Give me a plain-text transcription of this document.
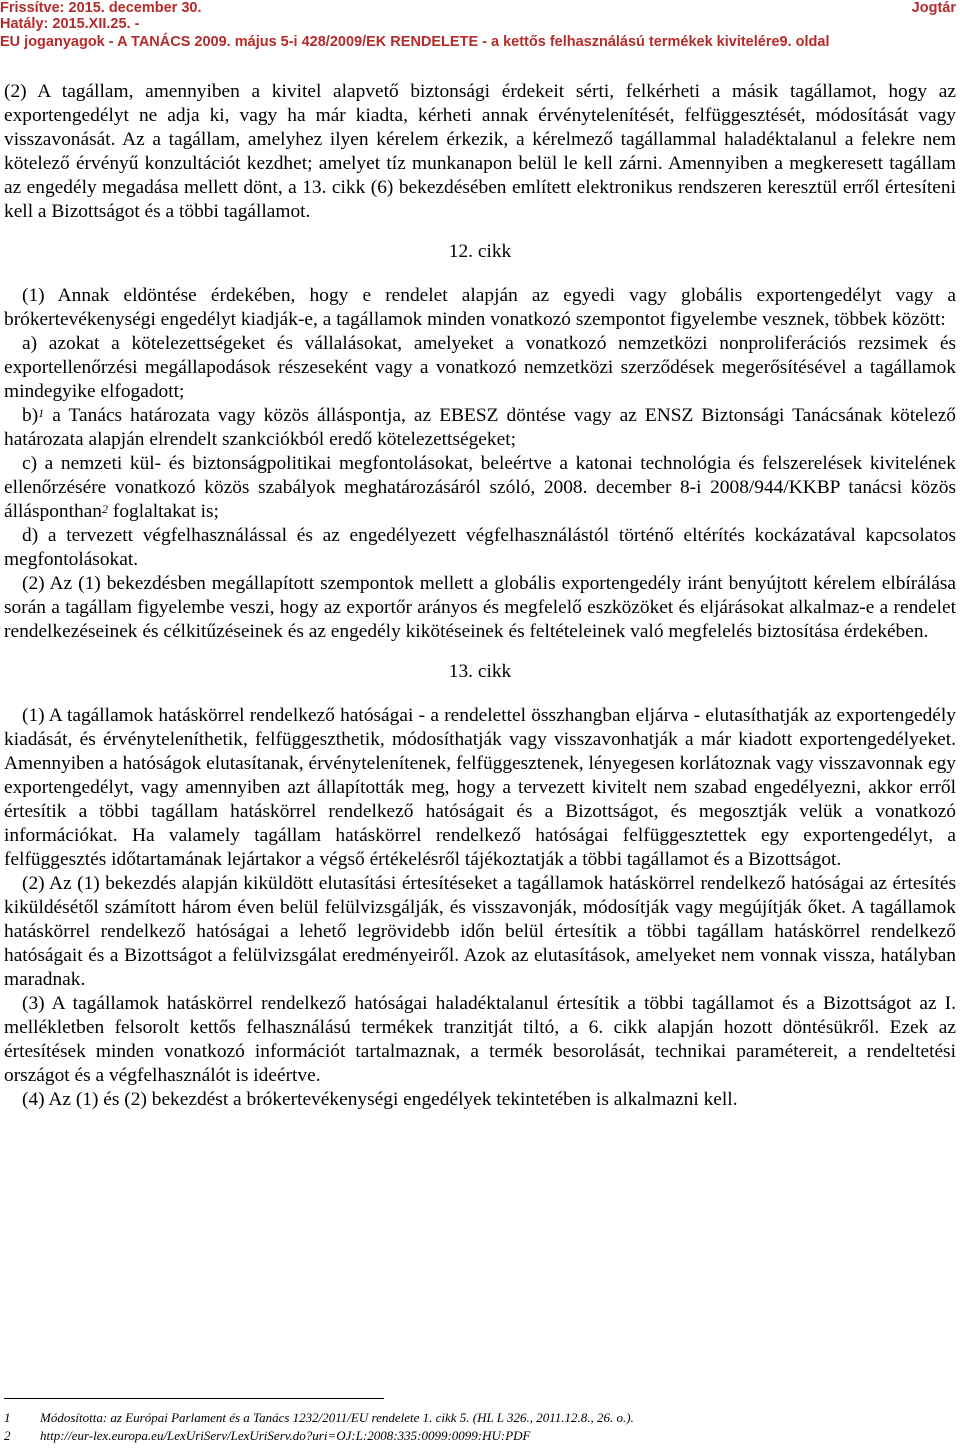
Frissítve: 2015. december 30.	Jogtár
Hatály: 2015.XII.25. -
EU joganyagok - A TANÁCS 2009. május 5-i 428/2009/EK RENDELETE - a kettős felhasználású termékek kivitelére9. oldal

(2) A tagállam, amennyiben a kivitel alapvető biztonsági érdekeit sérti, felkérheti a másik tagállamot, hogy az exportengedélyt ne adja ki, vagy ha már kiadta, kérheti annak érvénytelenítését, felfüggesztését, módosítását vagy visszavonását. Az a tagállam, amelyhez ilyen kérelem érkezik, a kérelmező tagállammal haladéktalanul a felekre nem kötelező érvényű konzultációt kezdhet; amelyet tíz munkanapon belül le kell zárni. Amennyiben a megkeresett tagállam az engedély megadása mellett dönt, a 13. cikk (6) bekezdésében említett elektronikus rendszeren keresztül erről értesíteni kell a Bizottságot és a többi tagállamot.

12. cikk

(1) Annak eldöntése érdekében, hogy e rendelet alapján az egyedi vagy globális exportengedélyt vagy a brókertevékenységi engedélyt kiadják-e, a tagállamok minden vonatkozó szempontot figyelembe vesznek, többek között:

a) azokat a kötelezettségeket és vállalásokat, amelyeket a vonatkozó nemzetközi nonproliferációs rezsimek és exportellenőrzési megállapodások részeseként vagy a vonatkozó nemzetközi szerződések megerősítésével a tagállamok mindegyike elfogadott;

b)$^1$ a Tanács határozata vagy közös álláspontja, az EBESZ döntése vagy az ENSZ Biztonsági Tanácsának kötelező határozata alapján elrendelt szankciókból eredő kötelezettségeket;

c) a nemzeti kül- és biztonságpolitikai megfontolásokat, beleértve a katonai technológia és felszerelések kivitelének ellenőrzésére vonatkozó közös szabályok meghatározásáról szóló, 2008. december 8-i 2008/944/KKBP tanácsi közös állásponthan$^2$ foglaltakat is;

d) a tervezett végfelhasználással és az engedélyezett végfelhasználástól történő eltérítés kockázatával kapcsolatos megfontolásokat.

(2) Az (1) bekezdésben megállapított szempontok mellett a globális exportengedély iránt benyújtott kérelem elbírálása során a tagállam figyelembe veszi, hogy az exportőr arányos és megfelelő eszközöket és eljárásokat alkalmaz-e a rendelet rendelkezéseinek és célkitűzéseinek és az engedély kikötéseinek és feltételeinek való megfelelés biztosítása érdekében.

13. cikk

(1) A tagállamok hatáskörrel rendelkező hatóságai - a rendelettel összhangban eljárva - elutasíthatják az exportengedély kiadását, és érvényteleníthetik, felfüggeszthetik, módosíthatják vagy visszavonhatják a már kiadott exportengedélyeket. Amennyiben a hatóságok elutasítanak, érvénytelenítenek, felfüggesztenek, lényegesen korlátoznak vagy visszavonnak egy exportengedélyt, vagy amennyiben azt állapították meg, hogy a tervezett kivitelt nem szabad engedélyezni, akkor erről értesítik a többi tagállam hatáskörrel rendelkező hatóságait és a Bizottságot, és megosztják velük a vonatkozó információkat. Ha valamely tagállam hatáskörrel rendelkező hatóságai felfüggesztettek egy exportengedélyt, a felfüggesztés időtartamának lejártakor a végső értékelésről tájékoztatják a többi tagállamot és a Bizottságot.

(2) Az (1) bekezdés alapján kiküldött elutasítási értesítéseket a tagállamok hatáskörrel rendelkező hatóságai az értesítés kiküldésétől számított három éven belül felülvizsgálják, és visszavonják, módosítják vagy megújítják őket. A tagállamok hatáskörrel rendelkező hatóságai a lehető legrövidebb időn belül értesítik a többi tagállam hatáskörrel rendelkező hatóságait és a Bizottságot a felülvizsgálat eredményeiről. Azok az elutasítások, amelyeket nem vonnak vissza, hatályban maradnak.

(3) A tagállamok hatáskörrel rendelkező hatóságai haladéktalanul értesítik a többi tagállamot és a Bizottságot az I. mellékletben felsorolt kettős felhasználású termékek tranzitját tiltó, a 6. cikk alapján hozott döntésükről. Ezek az értesítések minden vonatkozó információt tartalmaznak, a termék besorolását, technikai paramétereit, a rendeltetési országot és a végfelhasználót is ideértve.

(4) Az (1) és (2) bekezdést a brókertevékenységi engedélyek tekintetében is alkalmazni kell.

1 Módosította: az Európai Parlament és a Tanács 1232/2011/EU rendelete 1. cikk 5. (HL L 326., 2011.12.8., 26. o.).
2 http://eur-lex.europa.eu/LexUriServ/LexUriServ.do?uri=OJ:L:2008:335:0099:0099:HU:PDF
